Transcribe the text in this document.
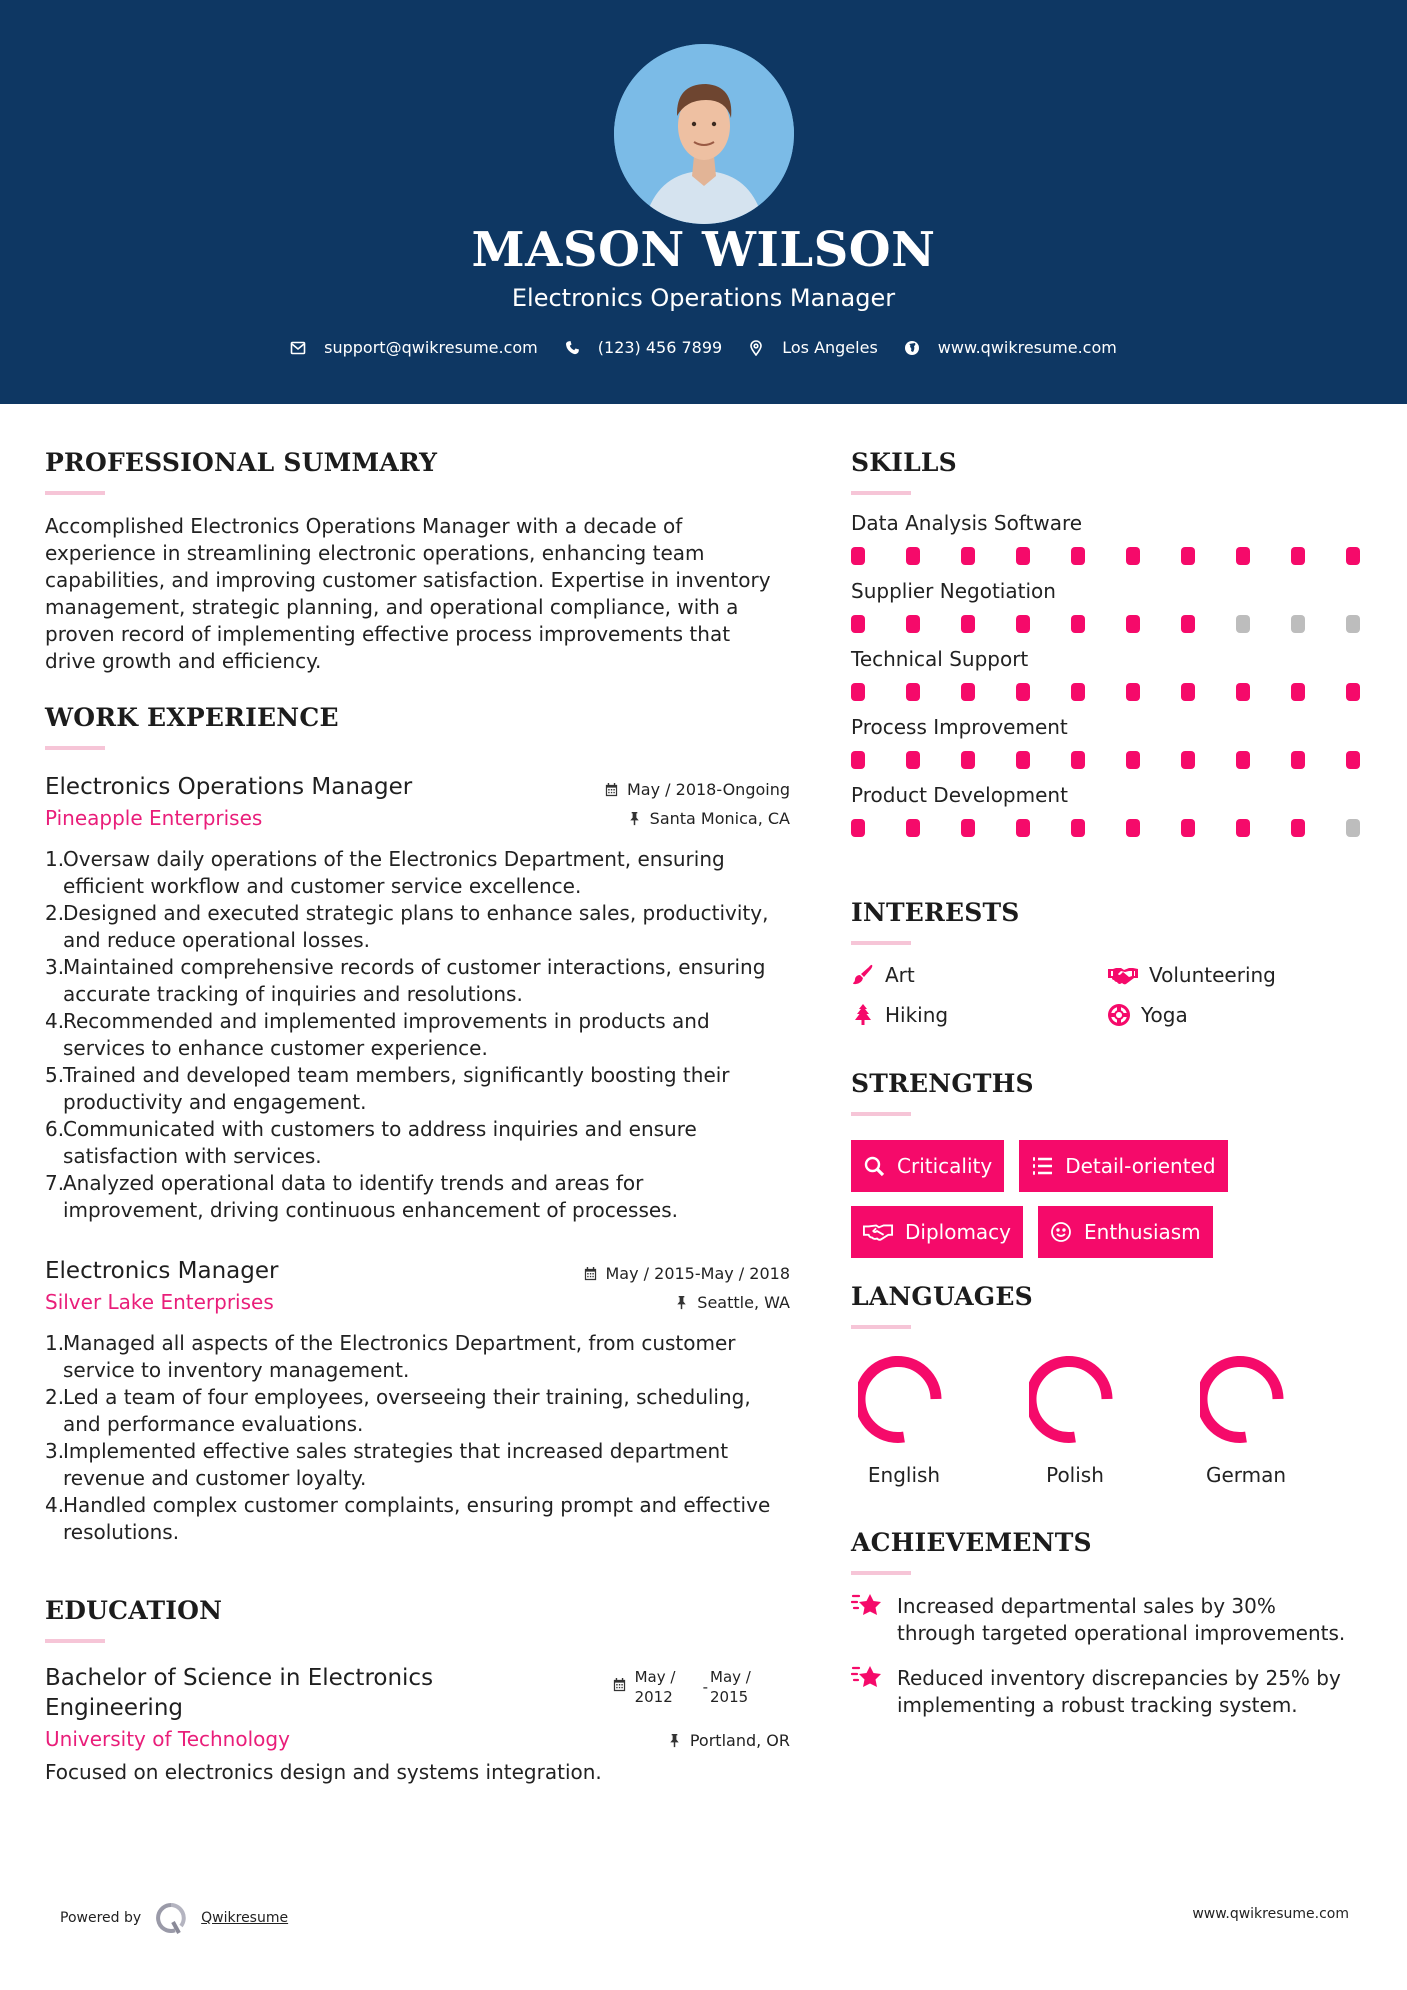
MASON WILSON
Electronics Operations Manager
support@qwikresume.com	(123) 456 7899	Los Angeles	www.qwikresume.com
PROFESSIONAL SUMMARY

Accomplished Electronics Operations Manager with a decade of experience in streamlining electronic operations, enhancing team capabilities, and improving customer satisfaction. Expertise in inventory management, strategic planning, and operational compliance, with a proven record of implementing effective process improvements that drive growth and efficiency.

WORK EXPERIENCE
Electronics Operations Manager
Pineapple Enterprises
May / 2018-Ongoing
Santa Monica, CA
1.Oversaw daily operations of the Electronics Department, ensuring efficient workflow and customer service excellence.
2.Designed and executed strategic plans to enhance sales, productivity, and reduce operational losses.
3.Maintained comprehensive records of customer interactions, ensuring accurate tracking of inquiries and resolutions.
4.Recommended and implemented improvements in products and services to enhance customer experience.
5.Trained and developed team members, significantly boosting their productivity and engagement.
6.Communicated with customers to address inquiries and ensure satisfaction with services.
7.Analyzed operational data to identify trends and areas for improvement, driving continuous enhancement of processes.
Electronics Manager
Silver Lake Enterprises
May / 2015-May / 2018
Seattle, WA
1.Managed all aspects of the Electronics Department, from customer service to inventory management.
2.Led a team of four employees, overseeing their training, scheduling, and performance evaluations.
3.Implemented effective sales strategies that increased department revenue and customer loyalty.
4.Handled complex customer complaints, ensuring prompt and effective resolutions.
EDUCATION
Bachelor of Science in Electronics Engineering
May / 2012
-
May / 2015
University of Technology	Portland, OR

Focused on electronics design and systems integration.

SKILLS
Data Analysis Software
Supplier Negotiation
Technical Support
Process Improvement
Product Development
INTERESTS
Art	Volunteering
Hiking	Yoga
STRENGTHS
Criticality	Detail-oriented
Diplomacy	Enthusiasm
LANGUAGES
English	Polish	German
ACHIEVEMENTS
Increased departmental sales by 30% through targeted operational improvements.
Reduced inventory discrepancies by 25% by implementing a robust tracking system.
Powered by	Qwikresume	www.qwikresume.com
